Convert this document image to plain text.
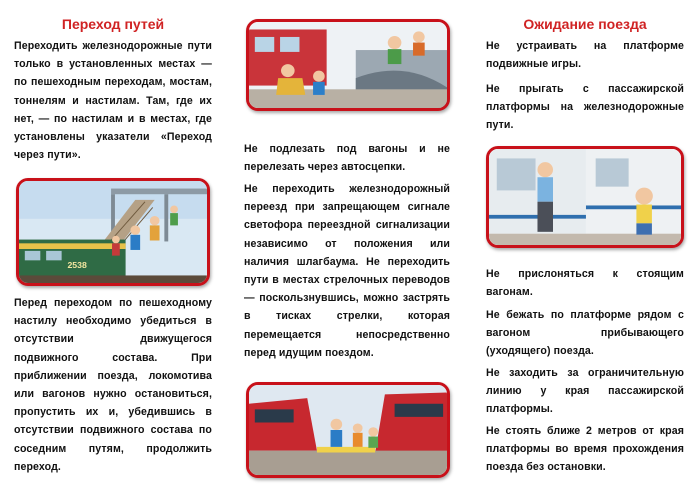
Переход путей

Переходить железнодорожные пути только в установленных местах — по пешеходным переходам, мостам, тоннелям и настилам. Там, где их нет, — по настилам и в местах, где установлены указатели «Переход через пути».

2538

Перед переходом по пешеходному настилу необходимо убедиться в отсутствии движущегося подвижного состава. При приближении поезда, локомотива или вагонов нужно остановиться, пропустить их и, убедившись в отсутствии подвижного состава по соседним путям, продолжить переход.

Не подлезать под вагоны и не перелезать через автосцепки.

Не переходить железнодорожный переезд при запрещающем сигнале светофора переездной сигнализации независимо от положения или наличия шлагбаума. Не переходить пути в местах стрелочных переводов — поскользнувшись, можно застрять в тисках стрелки, которая перемещается непосредственно перед идущим поездом.

Ожидание поезда

Не устраивать на платформе подвижные игры.

Не прыгать с пассажирской платформы на железнодорожные пути.

Не прислоняться к стоящим вагонам.

Не бежать по платформе рядом с вагоном прибывающего (уходящего) поезда.

Не заходить за ограничительную линию у края пассажирской платформы.

Не стоять ближе 2 метров от края платформы во время прохождения поезда без остановки.
